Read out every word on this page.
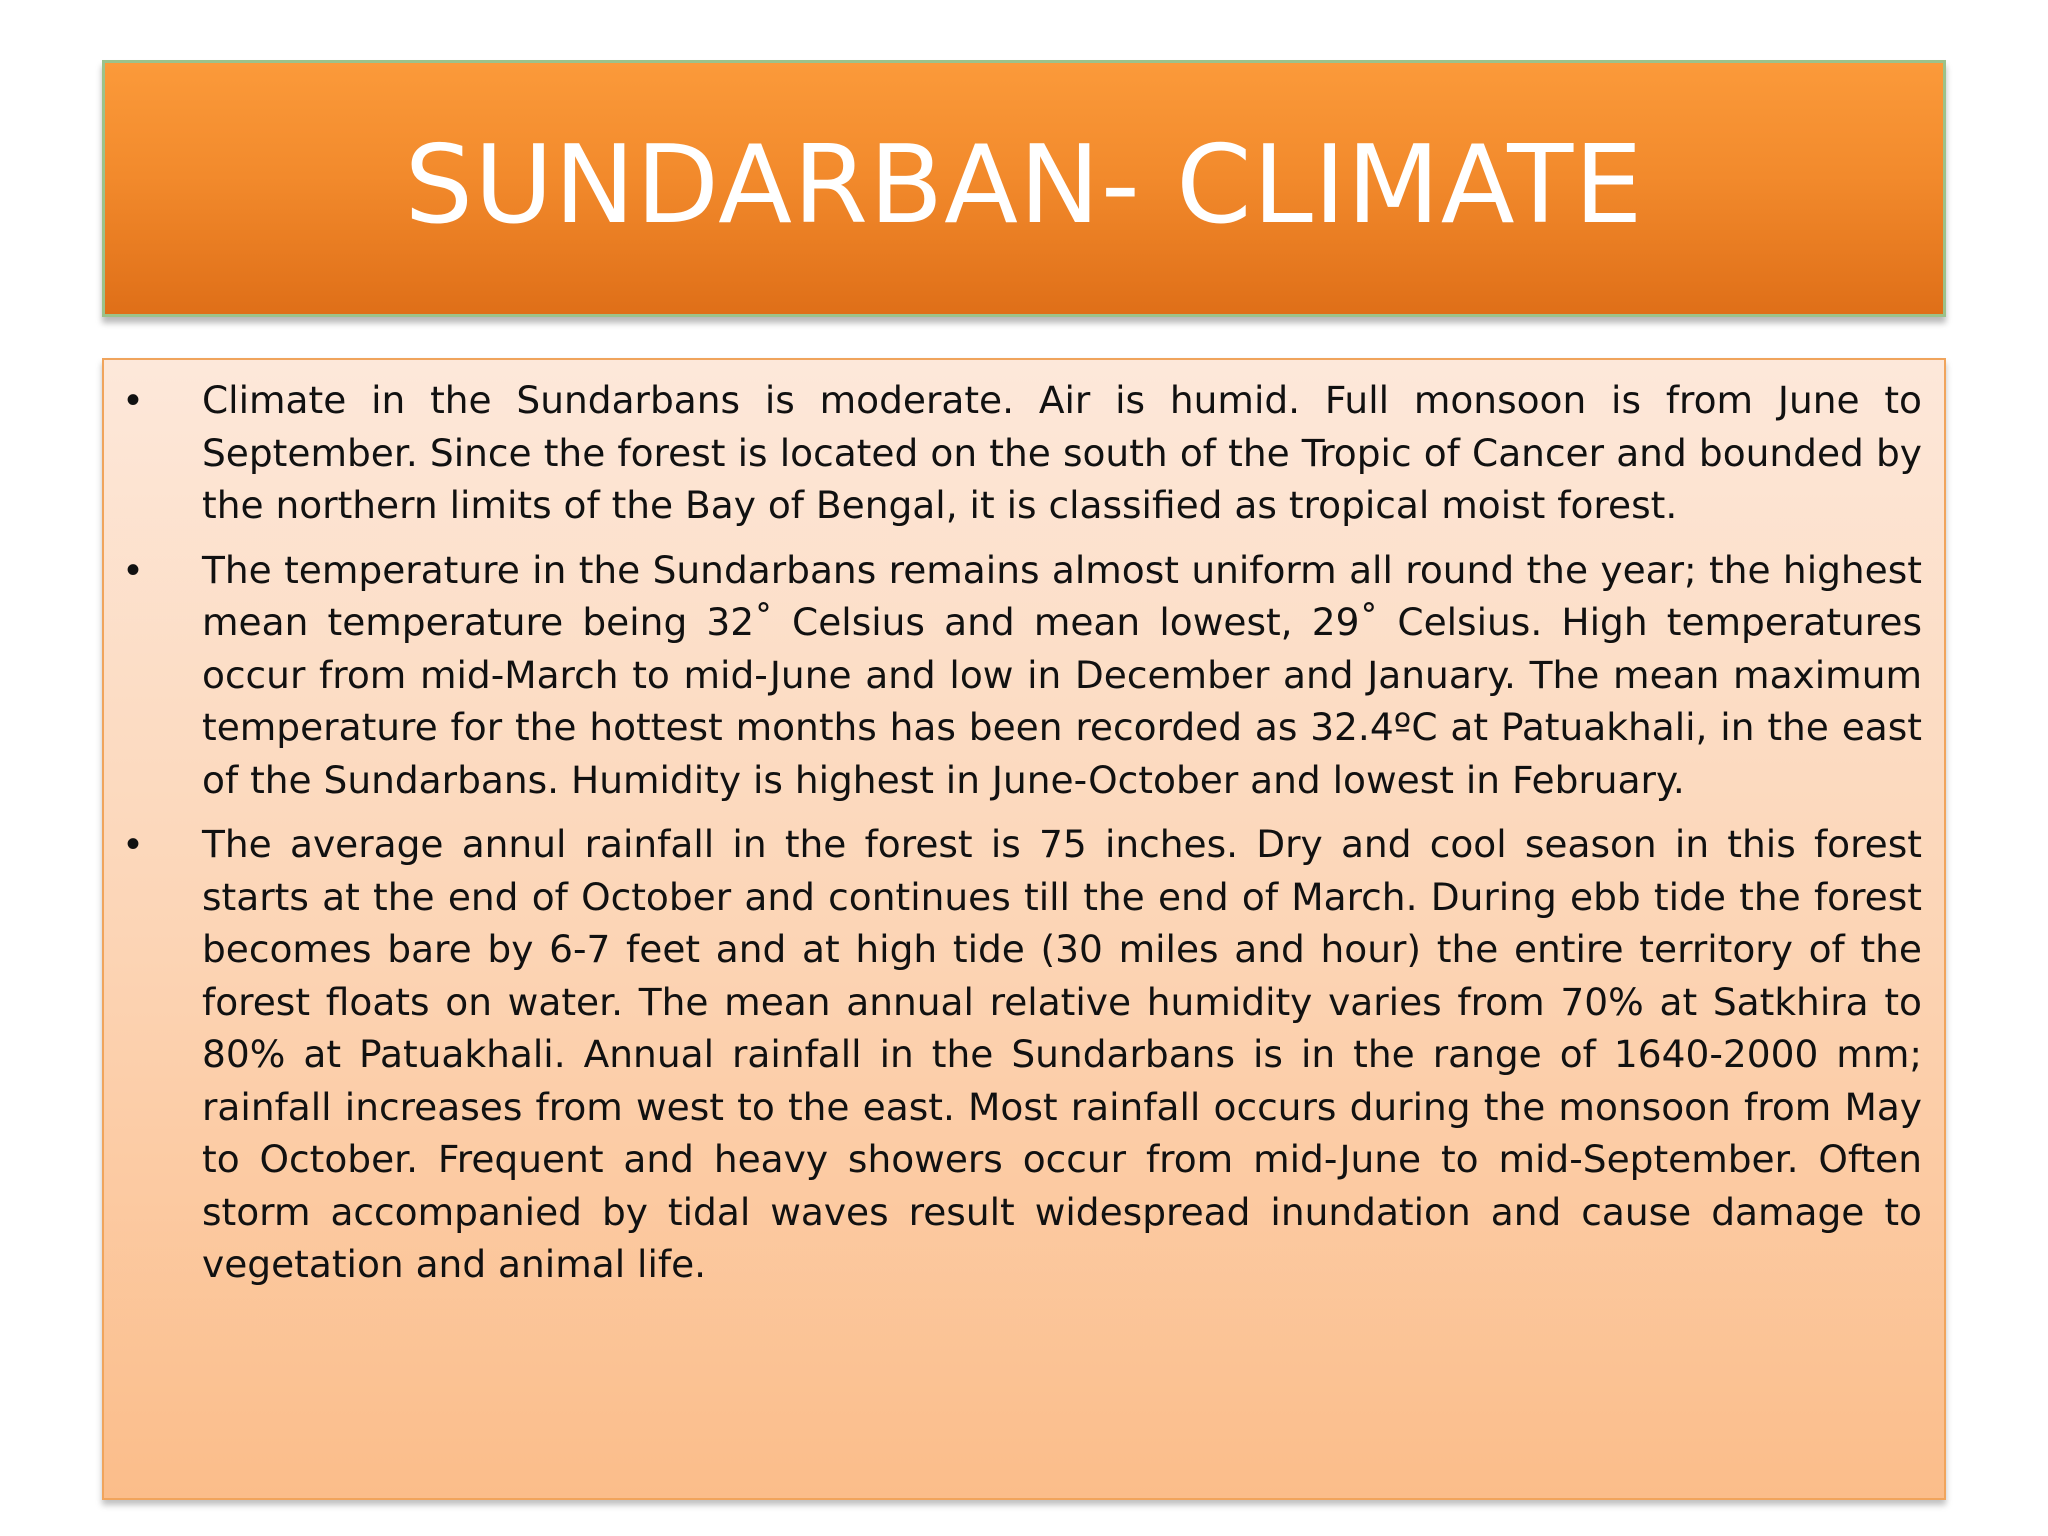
SUNDARBAN- CLIMATE
• Climate in the Sundarbans is moderate. Air is humid. Full monsoon is from June to September. Since the forest is located on the south of the Tropic of Cancer and bounded by the northern limits of the Bay of Bengal, it is classified as tropical moist forest.
• The temperature in the Sundarbans remains almost uniform all round the year; the highest mean temperature being 32˚ Celsius and mean lowest, 29˚ Celsius. High temperatures occur from mid-March to mid-June and low in December and January. The mean maximum temperature for the hottest months has been recorded as 32.4ºC at Patuakhali, in the east of the Sundarbans. Humidity is highest in June-October and lowest in February.
• The average annul rainfall in the forest is 75 inches. Dry and cool season in this forest starts at the end of October and continues till the end of March. During ebb tide the forest becomes bare by 6-7 feet and at high tide (30 miles and hour) the entire territory of the forest floats on water. The mean annual relative humidity varies from 70% at Satkhira to 80% at Patuakhali. Annual rainfall in the Sundarbans is in the range of 1640-2000 mm; rainfall increases from west to the east. Most rainfall occurs during the monsoon from May to October. Frequent and heavy showers occur from mid-June to mid-September. Often storm accompanied by tidal waves result widespread inundation and cause damage to vegetation and animal life.
